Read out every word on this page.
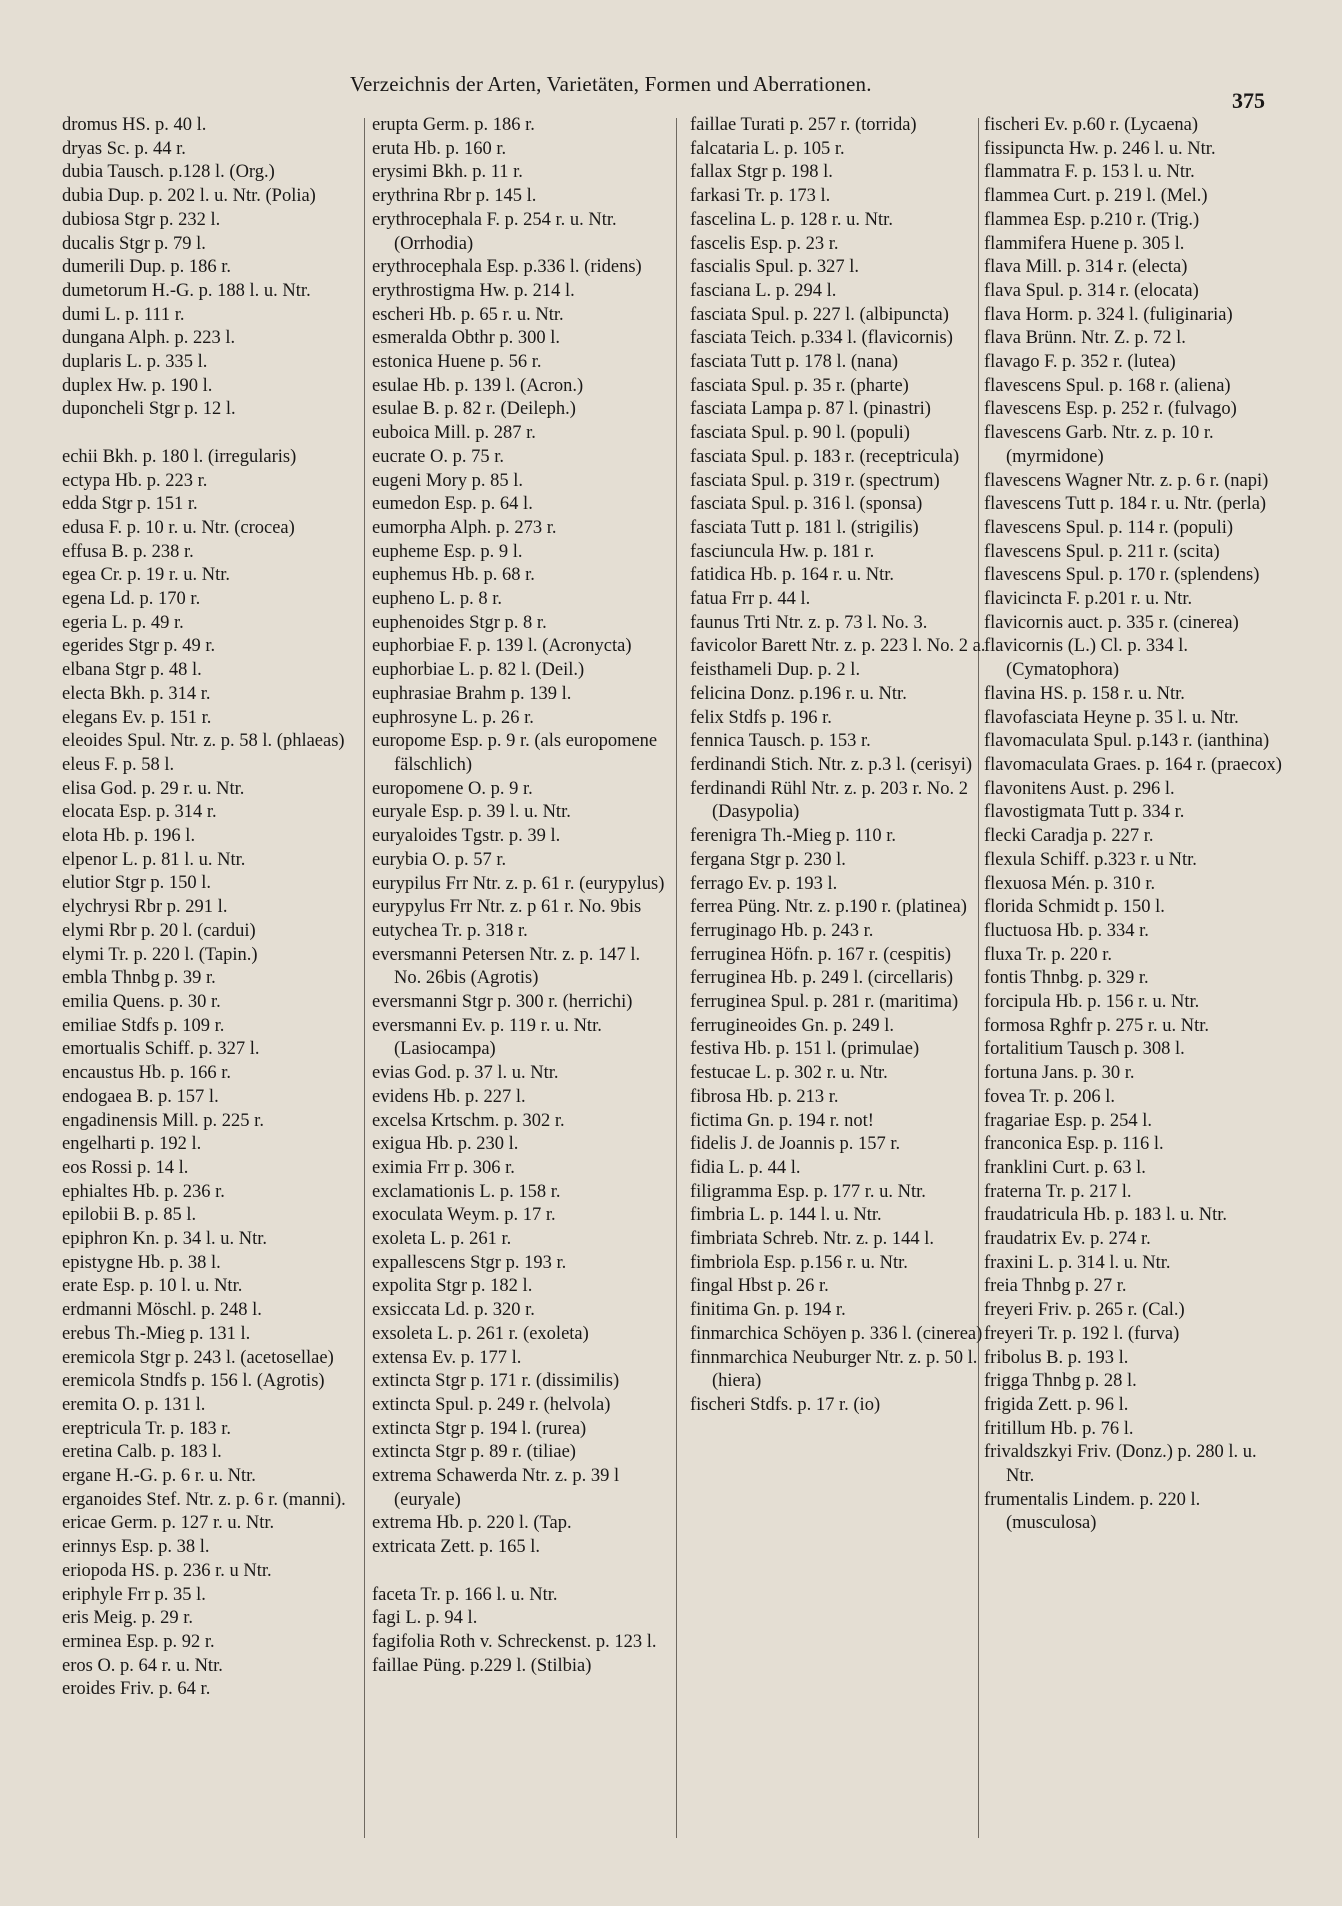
Verzeichnis der Arten, Varietäten, Formen und Aberrationen.
375
dromus HS. p. 40 l.
dryas Sc. p. 44 r.
dubia Tausch. p.128 l. (Org.)
dubia Dup. p. 202 l. u. Ntr. (Polia)
dubiosa Stgr p. 232 l.
ducalis Stgr p. 79 l.
dumerili Dup. p. 186 r.
dumetorum H.-G. p. 188 l. u. Ntr.
dumi L. p. 111 r.
dungana Alph. p. 223 l.
duplaris L. p. 335 l.
duplex Hw. p. 190 l.
duponcheli Stgr p. 12 l.
echii Bkh. p. 180 l. (irregularis)
ectypa Hb. p. 223 r.
edda Stgr p. 151 r.
edusa F. p. 10 r. u. Ntr. (crocea)
effusa B. p. 238 r.
egea Cr. p. 19 r. u. Ntr.
egena Ld. p. 170 r.
egeria L. p. 49 r.
egerides Stgr p. 49 r.
elbana Stgr p. 48 l.
electa Bkh. p. 314 r.
elegans Ev. p. 151 r.
eleoides Spul. Ntr. z. p. 58 l. (phlaeas)
eleus F. p. 58 l.
elisa God. p. 29 r. u. Ntr.
elocata Esp. p. 314 r.
elota Hb. p. 196 l.
elpenor L. p. 81 l. u. Ntr.
elutior Stgr p. 150 l.
elychrysi Rbr p. 291 l.
elymi Rbr p. 20 l. (cardui)
elymi Tr. p. 220 l. (Tapin.)
embla Thnbg p. 39 r.
emilia Quens. p. 30 r.
emiliae Stdfs p. 109 r.
emortualis Schiff. p. 327 l.
encaustus Hb. p. 166 r.
endogaea B. p. 157 l.
engadinensis Mill. p. 225 r.
engelharti p. 192 l.
eos Rossi p. 14 l.
ephialtes Hb. p. 236 r.
epilobii B. p. 85 l.
epiphron Kn. p. 34 l. u. Ntr.
epistygne Hb. p. 38 l.
erate Esp. p. 10 l. u. Ntr.
erdmanni Möschl. p. 248 l.
erebus Th.-Mieg p. 131 l.
eremicola Stgr p. 243 l. (acetosellae)
eremicola Stndfs p. 156 l. (Agrotis)
eremita O. p. 131 l.
ereptricula Tr. p. 183 r.
eretina Calb. p. 183 l.
ergane H.-G. p. 6 r. u. Ntr.
erganoides Stef. Ntr. z. p. 6 r. (manni).
ericae Germ. p. 127 r. u. Ntr.
erinnys Esp. p. 38 l.
eriopoda HS. p. 236 r. u Ntr.
eriphyle Frr p. 35 l.
eris Meig. p. 29 r.
erminea Esp. p. 92 r.
eros O. p. 64 r. u. Ntr.
eroides Friv. p. 64 r.
erupta Germ. p. 186 r.
eruta Hb. p. 160 r.
erysimi Bkh. p. 11 r.
erythrina Rbr p. 145 l.
erythrocephala F. p. 254 r. u. Ntr. (Orrhodia)
erythrocephala Esp. p.336 l. (ridens)
erythrostigma Hw. p. 214 l.
escheri Hb. p. 65 r. u. Ntr.
esmeralda Obthr p. 300 l.
estonica Huene p. 56 r.
esulae Hb. p. 139 l. (Acron.)
esulae B. p. 82 r. (Deileph.)
euboica Mill. p. 287 r.
eucrate O. p. 75 r.
eugeni Mory p. 85 l.
eumedon Esp. p. 64 l.
eumorpha Alph. p. 273 r.
eupheme Esp. p. 9 l.
euphemus Hb. p. 68 r.
eupheno L. p. 8 r.
euphenoides Stgr p. 8 r.
euphorbiae F. p. 139 l. (Acronycta)
euphorbiae L. p. 82 l. (Deil.)
euphrasiae Brahm p. 139 l.
euphrosyne L. p. 26 r.
europome Esp. p. 9 r. (als europomene fälschlich)
europomene O. p. 9 r.
euryale Esp. p. 39 l. u. Ntr.
euryaloides Tgstr. p. 39 l.
eurybia O. p. 57 r.
eurypilus Frr Ntr. z. p. 61 r. (eurypylus)
eurypylus Frr Ntr. z. p 61 r. No. 9bis
eutychea Tr. p. 318 r.
eversmanni Petersen Ntr. z. p. 147 l. No. 26bis (Agrotis)
eversmanni Stgr p. 300 r. (herrichi)
eversmanni Ev. p. 119 r. u. Ntr. (Lasiocampa)
evias God. p. 37 l. u. Ntr.
evidens Hb. p. 227 l.
excelsa Krtschm. p. 302 r.
exigua Hb. p. 230 l.
eximia Frr p. 306 r.
exclamationis L. p. 158 r.
exoculata Weym. p. 17 r.
exoleta L. p. 261 r.
expallescens Stgr p. 193 r.
expolita Stgr p. 182 l.
exsiccata Ld. p. 320 r.
exsoleta L. p. 261 r. (exoleta)
extensa Ev. p. 177 l.
extincta Stgr p. 171 r. (dissimilis)
extincta Spul. p. 249 r. (helvola)
extincta Stgr p. 194 l. (rurea)
extincta Stgr p. 89 r. (tiliae)
extrema Schawerda Ntr. z. p. 39 l (euryale)
extrema Hb. p. 220 l. (Tap.
extricata Zett. p. 165 l.
faceta Tr. p. 166 l. u. Ntr.
fagi L. p. 94 l.
fagifolia Roth v. Schreckenst. p. 123 l.
faillae Püng. p.229 l. (Stilbia)
faillae Turati p. 257 r. (torrida)
falcataria L. p. 105 r.
fallax Stgr p. 198 l.
farkasi Tr. p. 173 l.
fascelina L. p. 128 r. u. Ntr.
fascelis Esp. p. 23 r.
fascialis Spul. p. 327 l.
fasciana L. p. 294 l.
fasciata Spul. p. 227 l. (albipuncta)
fasciata Teich. p.334 l. (flavicornis)
fasciata Tutt p. 178 l. (nana)
fasciata Spul. p. 35 r. (pharte)
fasciata Lampa p. 87 l. (pinastri)
fasciata Spul. p. 90 l. (populi)
fasciata Spul. p. 183 r. (receptricula)
fasciata Spul. p. 319 r. (spectrum)
fasciata Spul. p. 316 l. (sponsa)
fasciata Tutt p. 181 l. (strigilis)
fasciuncula Hw. p. 181 r.
fatidica Hb. p. 164 r. u. Ntr.
fatua Frr p. 44 l.
faunus Trti Ntr. z. p. 73 l. No. 3.
favicolor Barett Ntr. z. p. 223 l. No. 2 a.
feisthameli Dup. p. 2 l.
felicina Donz. p.196 r. u. Ntr.
felix Stdfs p. 196 r.
fennica Tausch. p. 153 r.
ferdinandi Stich. Ntr. z. p.3 l. (cerisyi)
ferdinandi Rühl Ntr. z. p. 203 r. No. 2 (Dasypolia)
ferenigra Th.-Mieg p. 110 r.
fergana Stgr p. 230 l.
ferrago Ev. p. 193 l.
ferrea Püng. Ntr. z. p.190 r. (platinea)
ferruginago Hb. p. 243 r.
ferruginea Höfn. p. 167 r. (cespitis)
ferruginea Hb. p. 249 l. (circellaris)
ferruginea Spul. p. 281 r. (maritima)
ferrugineoides Gn. p. 249 l.
festiva Hb. p. 151 l. (primulae)
festucae L. p. 302 r. u. Ntr.
fibrosa Hb. p. 213 r.
fictima Gn. p. 194 r. not!
fidelis J. de Joannis p. 157 r.
fidia L. p. 44 l.
filigramma Esp. p. 177 r. u. Ntr.
fimbria L. p. 144 l. u. Ntr.
fimbriata Schreb. Ntr. z. p. 144 l.
fimbriola Esp. p.156 r. u. Ntr.
fingal Hbst p. 26 r.
finitima Gn. p. 194 r.
finmarchica Schöyen p. 336 l. (cinerea)
finnmarchica Neuburger Ntr. z. p. 50 l. (hiera)
fischeri Stdfs. p. 17 r. (io)
fischeri Ev. p.60 r. (Lycaena)
fissipuncta Hw. p. 246 l. u. Ntr.
flammatra F. p. 153 l. u. Ntr.
flammea Curt. p. 219 l. (Mel.)
flammea Esp. p.210 r. (Trig.)
flammifera Huene p. 305 l.
flava Mill. p. 314 r. (electa)
flava Spul. p. 314 r. (elocata)
flava Horm. p. 324 l. (fuliginaria)
flava Brünn. Ntr. Z. p. 72 l.
flavago F. p. 352 r. (lutea)
flavescens Spul. p. 168 r. (aliena)
flavescens Esp. p. 252 r. (fulvago)
flavescens Garb. Ntr. z. p. 10 r. (myrmidone)
flavescens Wagner Ntr. z. p. 6 r. (napi)
flavescens Tutt p. 184 r. u. Ntr. (perla)
flavescens Spul. p. 114 r. (populi)
flavescens Spul. p. 211 r. (scita)
flavescens Spul. p. 170 r. (splendens)
flavicincta F. p.201 r. u. Ntr.
flavicornis auct. p. 335 r. (cinerea)
flavicornis (L.) Cl. p. 334 l. (Cymatophora)
flavina HS. p. 158 r. u. Ntr.
flavofasciata Heyne p. 35 l. u. Ntr.
flavomaculata Spul. p.143 r. (ianthina)
flavomaculata Graes. p. 164 r. (praecox)
flavonitens Aust. p. 296 l.
flavostigmata Tutt p. 334 r.
flecki Caradja p. 227 r.
flexula Schiff. p.323 r. u Ntr.
flexuosa Mén. p. 310 r.
florida Schmidt p. 150 l.
fluctuosa Hb. p. 334 r.
fluxa Tr. p. 220 r.
fontis Thnbg. p. 329 r.
forcipula Hb. p. 156 r. u. Ntr.
formosa Rghfr p. 275 r. u. Ntr.
fortalitium Tausch p. 308 l.
fortuna Jans. p. 30 r.
fovea Tr. p. 206 l.
fragariae Esp. p. 254 l.
franconica Esp. p. 116 l.
franklini Curt. p. 63 l.
fraterna Tr. p. 217 l.
fraudatricula Hb. p. 183 l. u. Ntr.
fraudatrix Ev. p. 274 r.
fraxini L. p. 314 l. u. Ntr.
freia Thnbg p. 27 r.
freyeri Friv. p. 265 r. (Cal.)
freyeri Tr. p. 192 l. (furva)
fribolus B. p. 193 l.
frigga Thnbg p. 28 l.
frigida Zett. p. 96 l.
fritillum Hb. p. 76 l.
frivaldszkyi Friv. (Donz.) p. 280 l. u. Ntr.
frumentalis Lindem. p. 220 l. (musculosa)
